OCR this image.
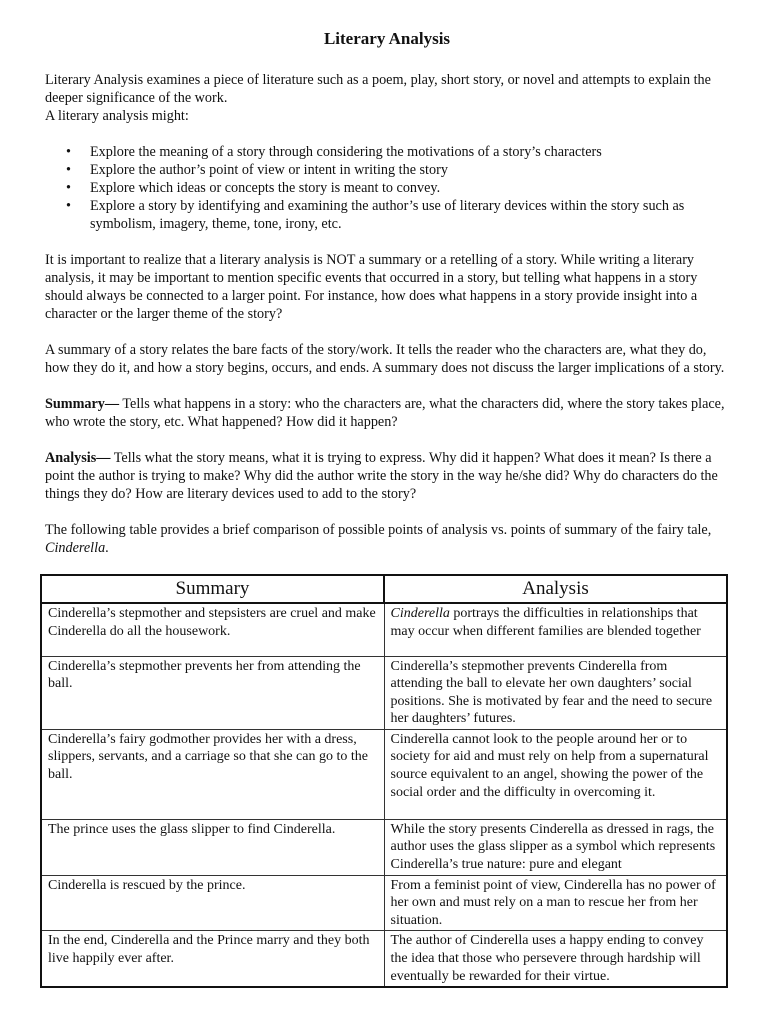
Literary Analysis

Literary Analysis examines a piece of literature such as a poem, play, short story, or novel and attempts to explain the deeper significance of the work.
A literary analysis might:

• Explore the meaning of a story through considering the motivations of a story’s characters
• Explore the author’s point of view or intent in writing the story
• Explore which ideas or concepts the story is meant to convey.
• Explore a story by identifying and examining the author’s use of literary devices within the story such as symbolism, imagery, theme, tone, irony, etc.

It is important to realize that a literary analysis is NOT a summary or a retelling of a story. While writing a literary analysis, it may be important to mention specific events that occurred in a story, but telling what happens in a story should always be connected to a larger point. For instance, how does what happens in a story provide insight into a character or the larger theme of the story?

A summary of a story relates the bare facts of the story/work. It tells the reader who the characters are, what they do, how they do it, and how a story begins, occurs, and ends. A summary does not discuss the larger implications of a story.

Summary— Tells what happens in a story: who the characters are, what the characters did, where the story takes place, who wrote the story, etc. What happened? How did it happen?

Analysis— Tells what the story means, what it is trying to express. Why did it happen? What does it mean? Is there a point the author is trying to make? Why did the author write the story in the way he/she did? Why do characters do the things they do? How are literary devices used to add to the story?

The following table provides a brief comparison of possible points of analysis vs. points of summary of the fairy tale, Cinderella.

Summary	Analysis
Cinderella’s stepmother and stepsisters are cruel and make Cinderella do all the housework.	Cinderella portrays the difficulties in relationships that may occur when different families are blended together
Cinderella’s stepmother prevents her from attending the ball.	Cinderella’s stepmother prevents Cinderella from attending the ball to elevate her own daughters’ social positions. She is motivated by fear and the need to secure her daughters’ futures.
Cinderella’s fairy godmother provides her with a dress, slippers, servants, and a carriage so that she can go to the ball.	Cinderella cannot look to the people around her or to society for aid and must rely on help from a supernatural source equivalent to an angel, showing the power of the social order and the difficulty in overcoming it.
The prince uses the glass slipper to find Cinderella.	While the story presents Cinderella as dressed in rags, the author uses the glass slipper as a symbol which represents Cinderella’s true nature: pure and elegant
Cinderella is rescued by the prince.	From a feminist point of view, Cinderella has no power of her own and must rely on a man to rescue her from her situation.
In the end, Cinderella and the Prince marry and they both live happily ever after.	The author of Cinderella uses a happy ending to convey the idea that those who persevere through hardship will eventually be rewarded for their virtue.
